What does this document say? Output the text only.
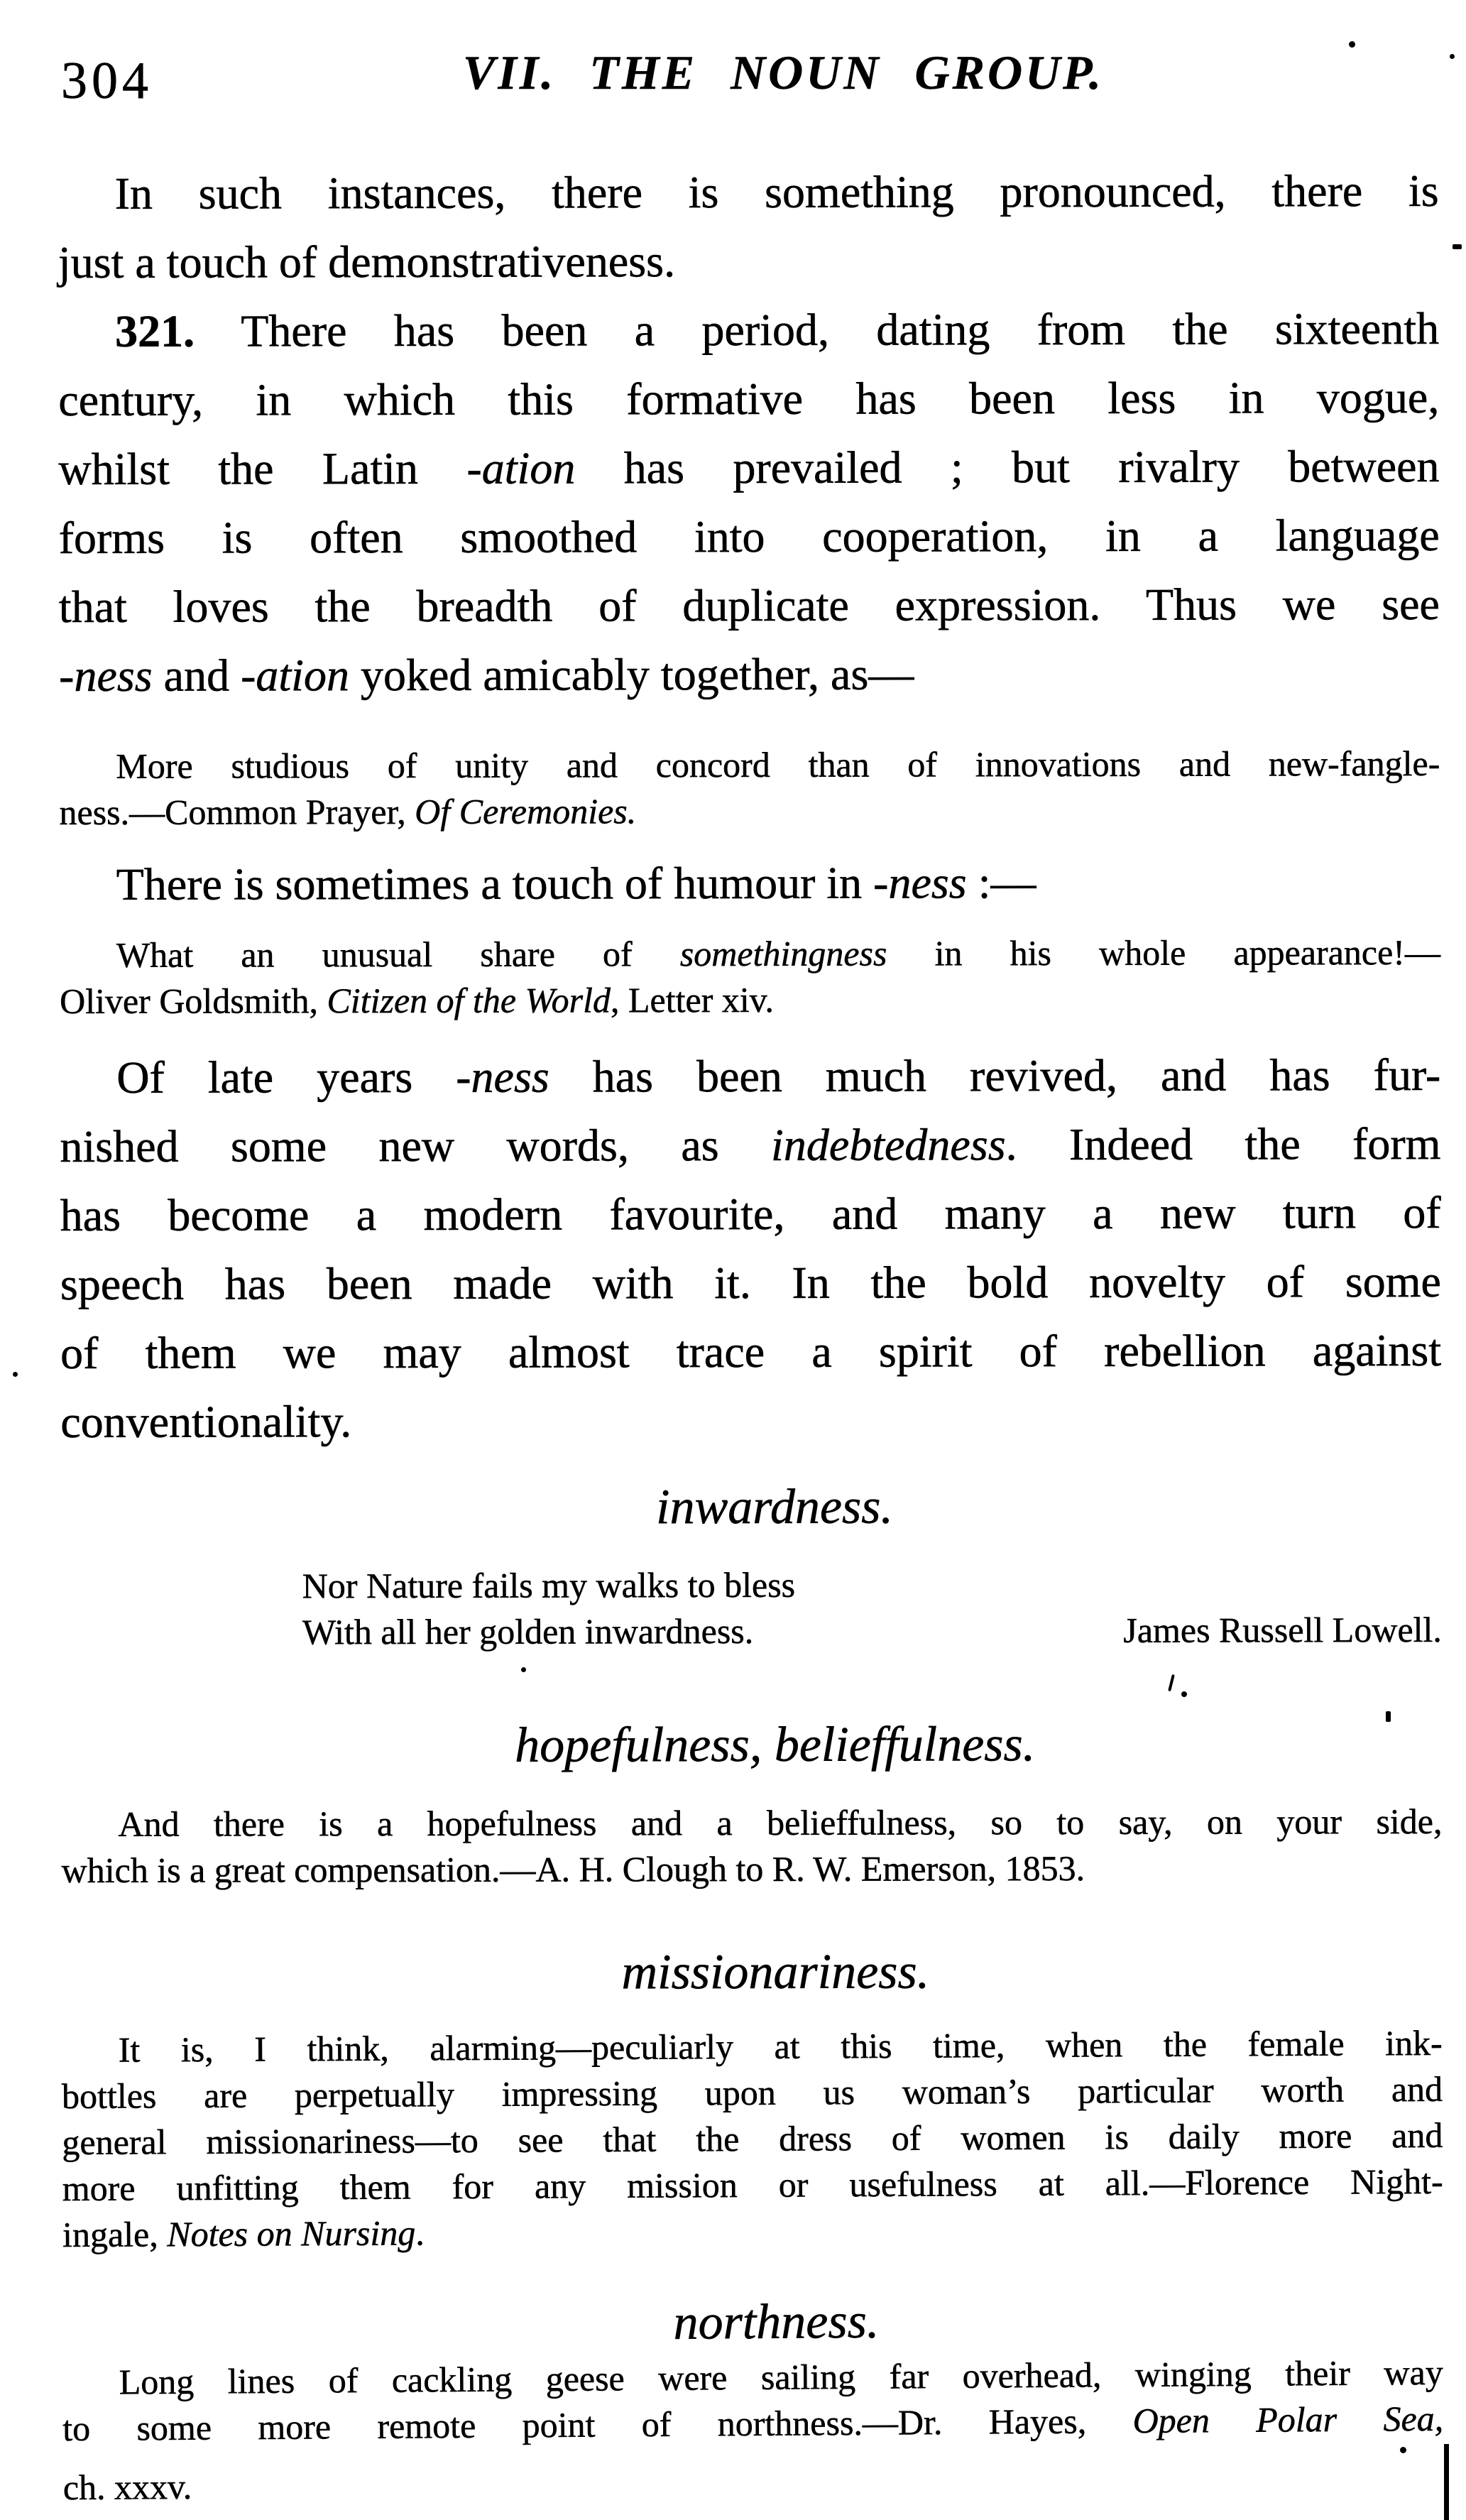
304	VII. THE NOUN GROUP.
In such instances, there is something pronounced, there is
just a touch of demonstrativeness.
321. There has been a period, dating from the sixteenth
century, in which this formative has been less in vogue,
whilst the Latin -ation has prevailed ; but rivalry between
forms is often smoothed into cooperation, in a language
that loves the breadth of duplicate expression. Thus we see
-ness and -ation yoked amicably together, as—
More studious of unity and concord than of innovations and new-fangle-
ness.—Common Prayer, Of Ceremonies.
There is sometimes a touch of humour in -ness :—
What an unusual share of somethingness in his whole appearance!—
Oliver Goldsmith, Citizen of the World, Letter xiv.
Of late years -ness has been much revived, and has fur-
nished some new words, as indebtedness. Indeed the form
has become a modern favourite, and many a new turn of
speech has been made with it. In the bold novelty of some
of them we may almost trace a spirit of rebellion against
conventionality.
inwardness.
Nor Nature fails my walks to bless
With all her golden inwardness.	James Russell Lowell.
hopefulness, belieffulness.
And there is a hopefulness and a belieffulness, so to say, on your side,
which is a great compensation.—A. H. Clough to R. W. Emerson, 1853.
missionariness.
It is, I think, alarming—peculiarly at this time, when the female ink-
bottles are perpetually impressing upon us woman’s particular worth and
general missionariness—to see that the dress of women is daily more and
more unfitting them for any mission or usefulness at all.—Florence Night-
ingale, Notes on Nursing.
northness.
Long lines of cackling geese were sailing far overhead, winging their way
to some more remote point of northness.—Dr. Hayes, Open Polar Sea,
ch. xxxv.
